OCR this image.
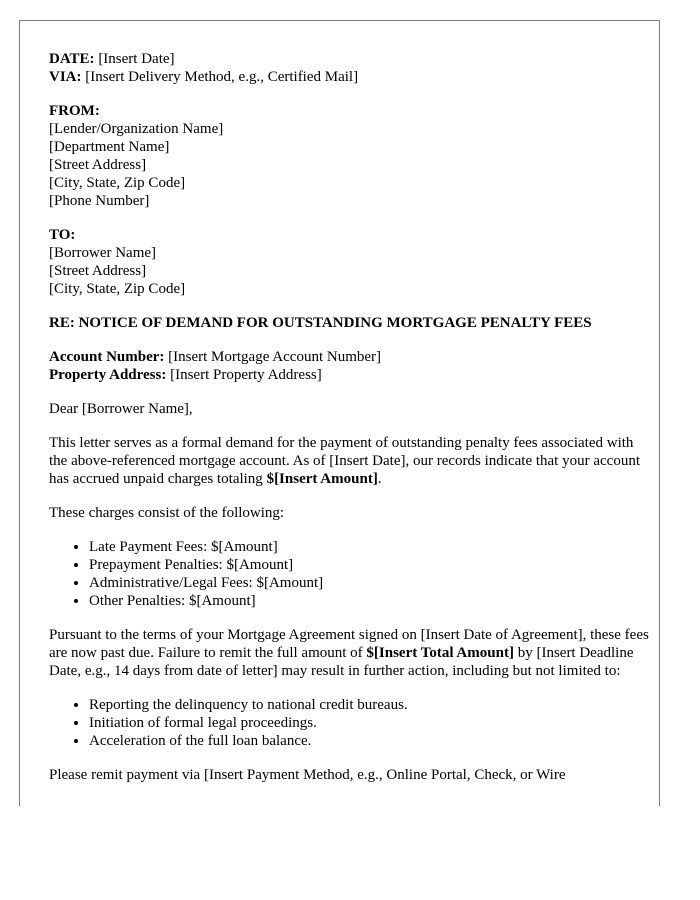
DATE: [Insert Date]
VIA: [Insert Delivery Method, e.g., Certified Mail]
FROM:
[Lender/Organization Name]
[Department Name]
[Street Address]
[City, State, Zip Code]
[Phone Number]
TO:
[Borrower Name]
[Street Address]
[City, State, Zip Code]
RE: NOTICE OF DEMAND FOR OUTSTANDING MORTGAGE PENALTY FEES
Account Number: [Insert Mortgage Account Number]
Property Address: [Insert Property Address]

Dear [Borrower Name],

This letter serves as a formal demand for the payment of outstanding penalty fees associated with the above-referenced mortgage account. As of [Insert Date], our records indicate that your account has accrued unpaid charges totaling $[Insert Amount].

These charges consist of the following:

• Late Payment Fees: $[Amount]
• Prepayment Penalties: $[Amount]
• Administrative/Legal Fees: $[Amount]
• Other Penalties: $[Amount]

Pursuant to the terms of your Mortgage Agreement signed on [Insert Date of Agreement], these fees are now past due. Failure to remit the full amount of $[Insert Total Amount] by [Insert Deadline Date, e.g., 14 days from date of letter] may result in further action, including but not limited to:

• Reporting the delinquency to national credit bureaus.
• Initiation of formal legal proceedings.
• Acceleration of the full loan balance.

Please remit payment via [Insert Payment Method, e.g., Online Portal, Check, or Wire
